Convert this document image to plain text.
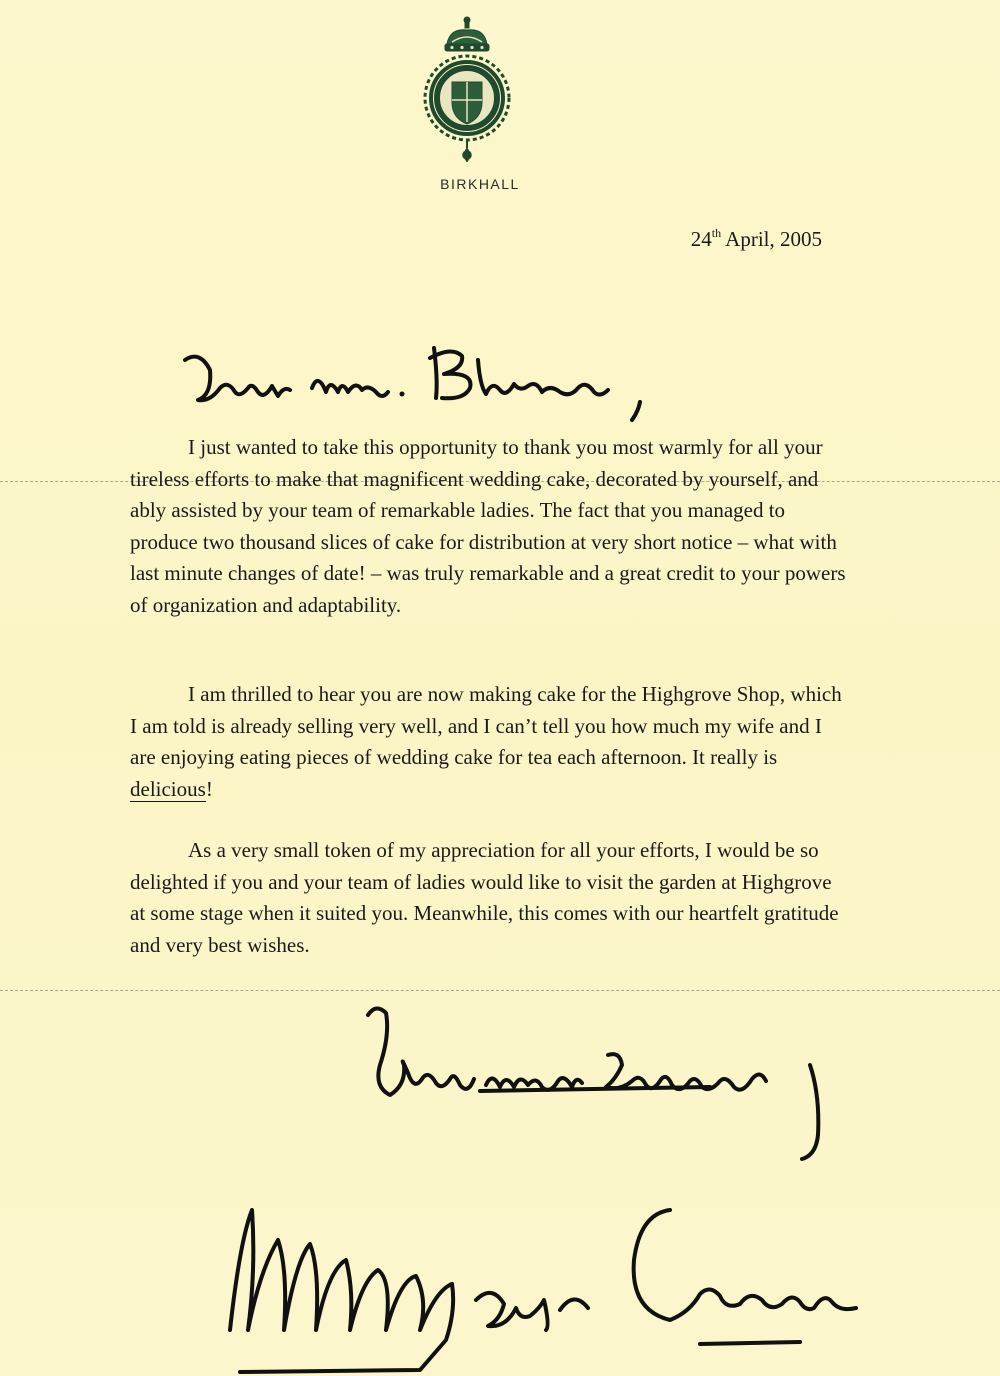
BIRKHALL
24th April, 2005
I just wanted to take this opportunity to thank you most warmly for all your tireless efforts to make that magnificent wedding cake, decorated by yourself, and ably assisted by your team of remarkable ladies. The fact that you managed to produce two thousand slices of cake for distribution at very short notice – what with last minute changes of date! – was truly remarkable and a great credit to your powers of organization and adaptability.
I am thrilled to hear you are now making cake for the Highgrove Shop, which I am told is already selling very well, and I can’t tell you how much my wife and I are enjoying eating pieces of wedding cake for tea each afternoon. It really is delicious!
As a very small token of my appreciation for all your efforts, I would be so delighted if you and your team of ladies would like to visit the garden at Highgrove at some stage when it suited you. Meanwhile, this comes with our heartfelt gratitude and very best wishes.
